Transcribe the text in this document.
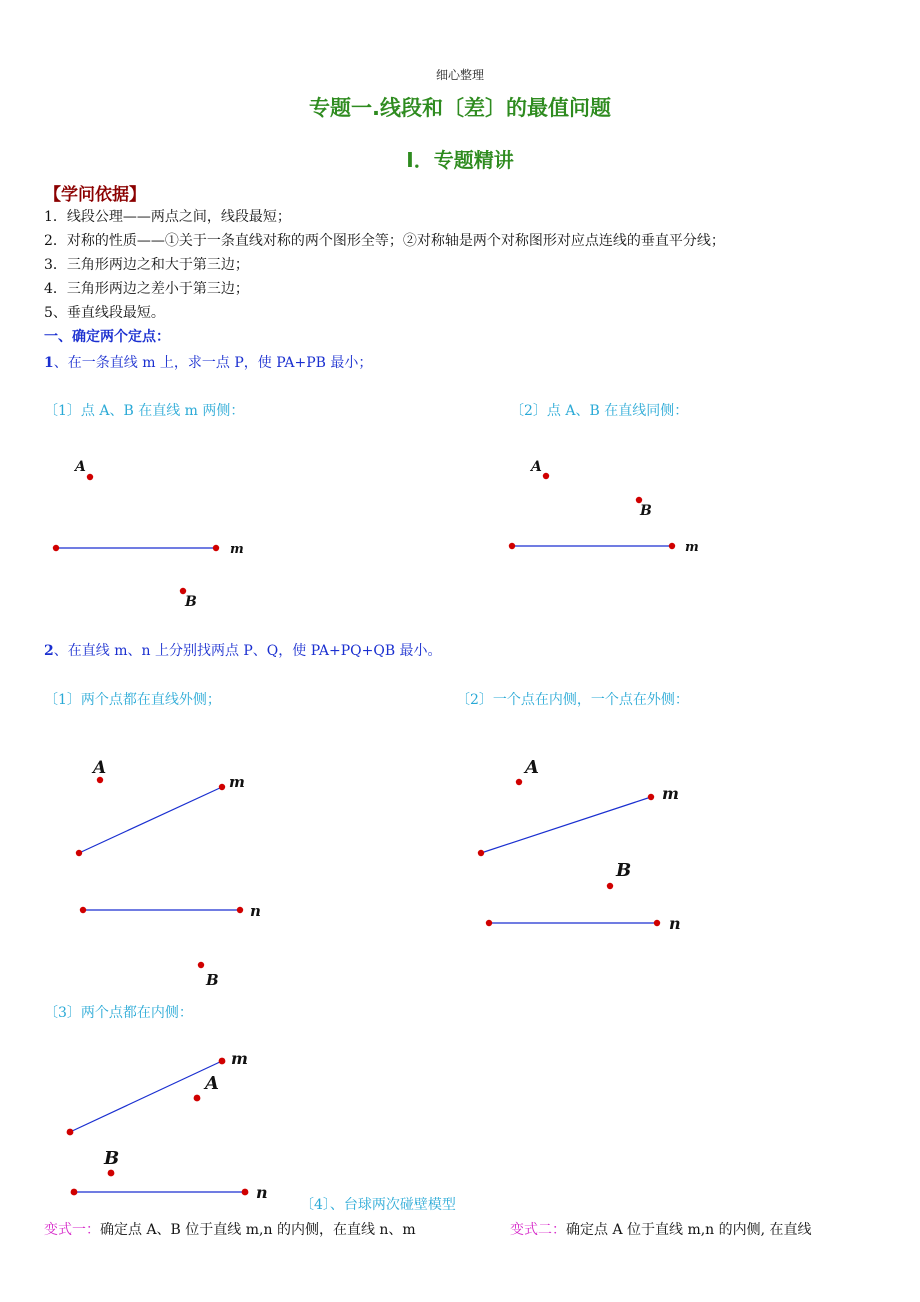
细心整理
专题一.线段和〔差〕的最值问题
Ⅰ．专题精讲
【学问依据】
1．线段公理——两点之间，线段最短；
2．对称的性质——①关于一条直线对称的两个图形全等；②对称轴是两个对称图形对应点连线的垂直平分线；
3．三角形两边之和大于第三边；
4．三角形两边之差小于第三边；
5、垂直线段最短。
一、确定两个定点：
1、在一条直线 m 上，求一点 P，使 PA+PB 最小；
〔1〕点 A、B 在直线 m 两侧：	〔2〕点 A、B 在直线同侧：
A
B
m
A
B
m
2、在直线 m、n 上分别找两点 P、Q，使 PA+PQ+QB 最小。
〔1〕两个点都在直线外侧；	〔2〕一个点在内侧，一个点在外侧：
A
B
m
n
A
B
m
n
〔3〕两个点都在内侧：
A
B
m
n
〔4〕、台球两次碰壁模型
变式一：确定点 A、B 位于直线 m,n 的内侧，在直线 n、m	变式二：确定点 A 位于直线 m,n 的内侧, 在直线
